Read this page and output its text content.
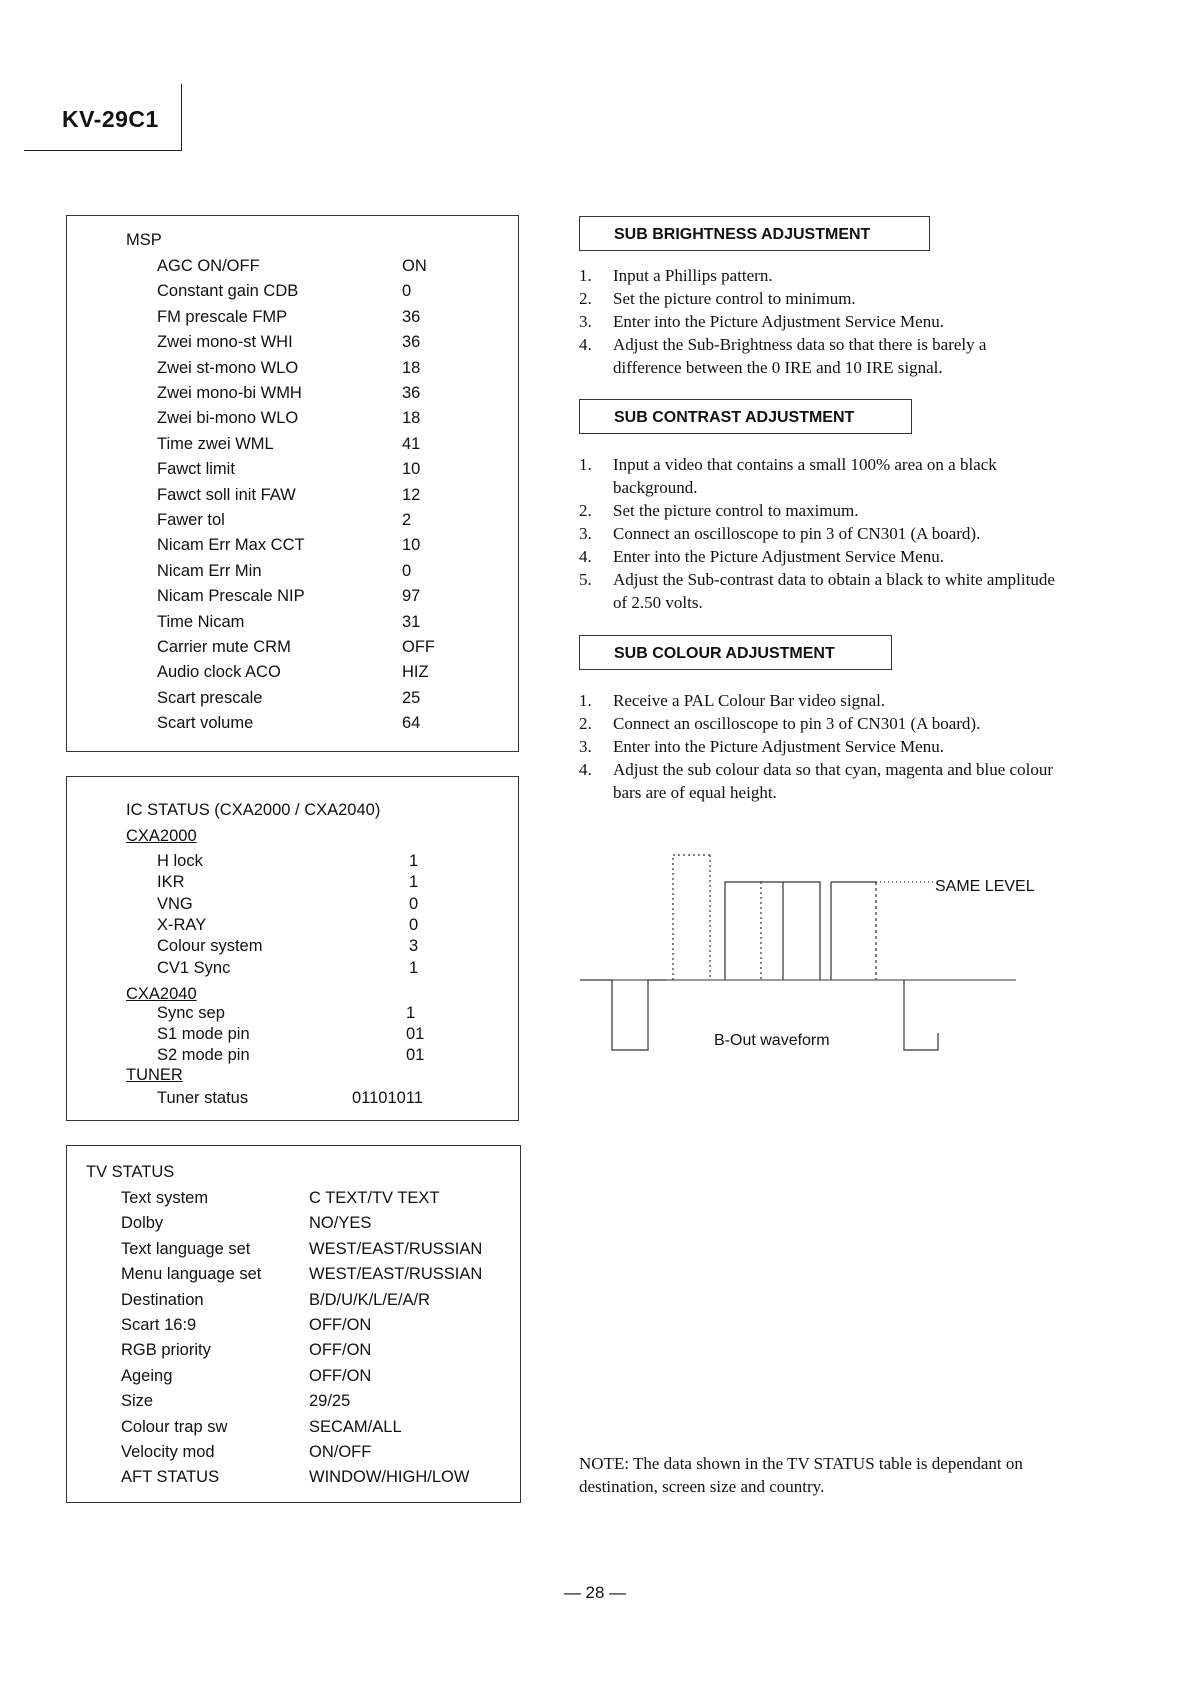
KV-29C1
MSP
AGC ON/OFF	ON
Constant gain CDB	0
FM prescale FMP	36
Zwei mono-st WHI	36
Zwei st-mono WLO	18
Zwei mono-bi WMH	36
Zwei bi-mono WLO	18
Time zwei WML	41
Fawct limit	10
Fawct soll init FAW	12
Fawer tol	2
Nicam Err Max CCT	10
Nicam Err Min	0
Nicam Prescale NIP	97
Time Nicam	31
Carrier mute CRM	OFF
Audio clock ACO	HIZ
Scart prescale	25
Scart volume	64
IC STATUS (CXA2000 / CXA2040)
CXA2000
H lock	1
IKR	1
VNG	0
X-RAY	0
Colour system	3
CV1 Sync	1
CXA2040
Sync sep	1
S1 mode pin	01
S2 mode pin	01
TUNER
Tuner status	01101011
TV STATUS
Text system	C TEXT/TV TEXT
Dolby	NO/YES
Text language set	WEST/EAST/RUSSIAN
Menu language set	WEST/EAST/RUSSIAN
Destination	B/D/U/K/L/E/A/R
Scart 16:9	OFF/ON
RGB priority	OFF/ON
Ageing	OFF/ON
Size	29/25
Colour trap sw	SECAM/ALL
Velocity mod	ON/OFF
AFT STATUS	WINDOW/HIGH/LOW
SUB BRIGHTNESS ADJUSTMENT
1. Input a Phillips pattern.
2. Set the picture control to minimum.
3. Enter into the Picture Adjustment Service Menu.
4. Adjust the Sub-Brightness data so that there is barely a difference between the 0 IRE and 10 IRE signal.
SUB CONTRAST ADJUSTMENT
1. Input a video that contains a small 100% area on a black background.
2. Set the picture control to maximum.
3. Connect an oscilloscope to pin 3 of CN301 (A board).
4. Enter into the Picture Adjustment Service Menu.
5. Adjust the Sub-contrast data to obtain a black to white amplitude of 2.50 volts.
SUB COLOUR ADJUSTMENT
1. Receive a PAL Colour Bar video signal.
2. Connect an oscilloscope to pin 3 of CN301 (A board).
3. Enter into the Picture Adjustment Service Menu.
4. Adjust the sub colour data so that cyan, magenta and blue colour bars are of equal height.
SAME LEVEL
B-Out waveform
NOTE: The data shown in the TV STATUS table is dependant on destination, screen size and country.
— 28 —
